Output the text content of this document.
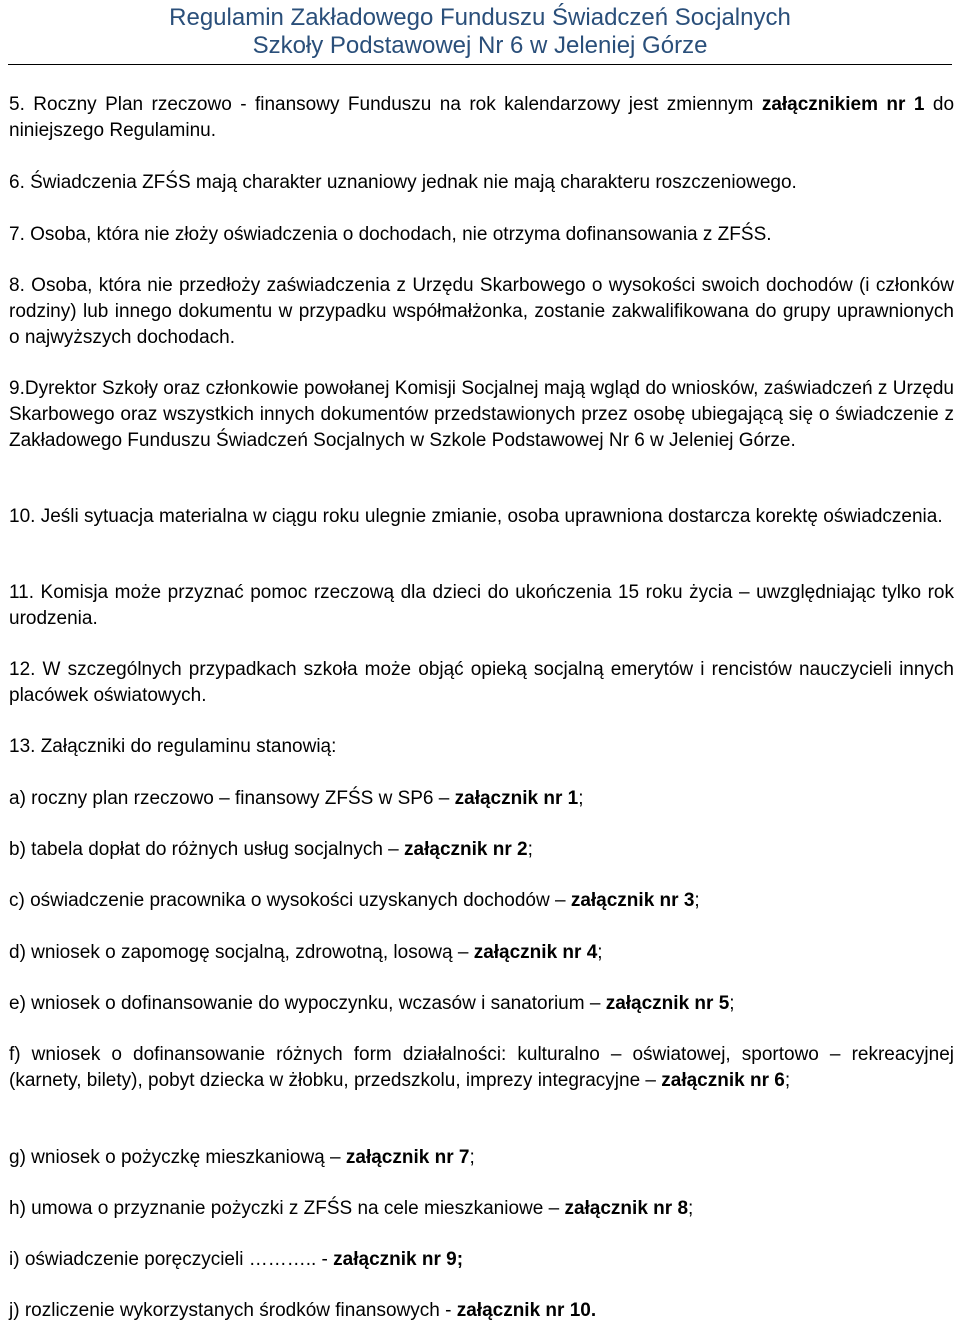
Regulamin Zakładowego Funduszu Świadczeń Socjalnych
Szkoły Podstawowej Nr 6 w Jeleniej Górze

5. Roczny Plan rzeczowo - finansowy Funduszu na rok kalendarzowy jest zmiennym załącznikiem nr 1 do niniejszego Regulaminu.

6. Świadczenia ZFŚS mają charakter uznaniowy jednak nie mają charakteru roszczeniowego.

7. Osoba, która nie złoży oświadczenia o dochodach, nie otrzyma dofinansowania z ZFŚS.

8. Osoba, która nie przedłoży zaświadczenia z Urzędu Skarbowego o wysokości swoich dochodów (i członków rodziny) lub innego dokumentu w przypadku współmałżonka, zostanie zakwalifikowana do grupy uprawnionych o najwyższych dochodach.

9.Dyrektor Szkoły oraz członkowie powołanej Komisji Socjalnej mają wgląd do wniosków, zaświadczeń z Urzędu Skarbowego oraz wszystkich innych dokumentów przedstawionych przez osobę ubiegającą się o świadczenie z Zakładowego Funduszu Świadczeń Socjalnych w Szkole Podstawowej Nr 6 w Jeleniej Górze.

10. Jeśli sytuacja materialna w ciągu roku ulegnie zmianie, osoba uprawniona dostarcza korektę oświadczenia.

11. Komisja może przyznać pomoc rzeczową dla dzieci do ukończenia 15 roku życia – uwzględniając tylko rok urodzenia.

12. W szczególnych przypadkach szkoła może objąć opieką socjalną emerytów i rencistów nauczycieli innych placówek oświatowych.

13. Załączniki do regulaminu stanowią:

a) roczny plan rzeczowo – finansowy ZFŚS w SP6 – załącznik nr 1;

b) tabela dopłat do różnych usług socjalnych – załącznik nr 2;

c) oświadczenie pracownika o wysokości uzyskanych dochodów – załącznik nr 3;

d) wniosek o zapomogę socjalną, zdrowotną, losową – załącznik nr 4;

e) wniosek o dofinansowanie do wypoczynku, wczasów i sanatorium – załącznik nr 5;

f) wniosek o dofinansowanie różnych form działalności: kulturalno – oświatowej, sportowo – rekreacyjnej (karnety, bilety), pobyt dziecka w żłobku, przedszkolu, imprezy integracyjne – załącznik nr 6;

g) wniosek o pożyczkę mieszkaniową – załącznik nr 7;

h) umowa o przyznanie pożyczki z ZFŚS na cele mieszkaniowe – załącznik nr 8;

i) oświadczenie poręczycieli ……….. - załącznik nr 9;

j) rozliczenie wykorzystanych środków finansowych - załącznik nr 10.
